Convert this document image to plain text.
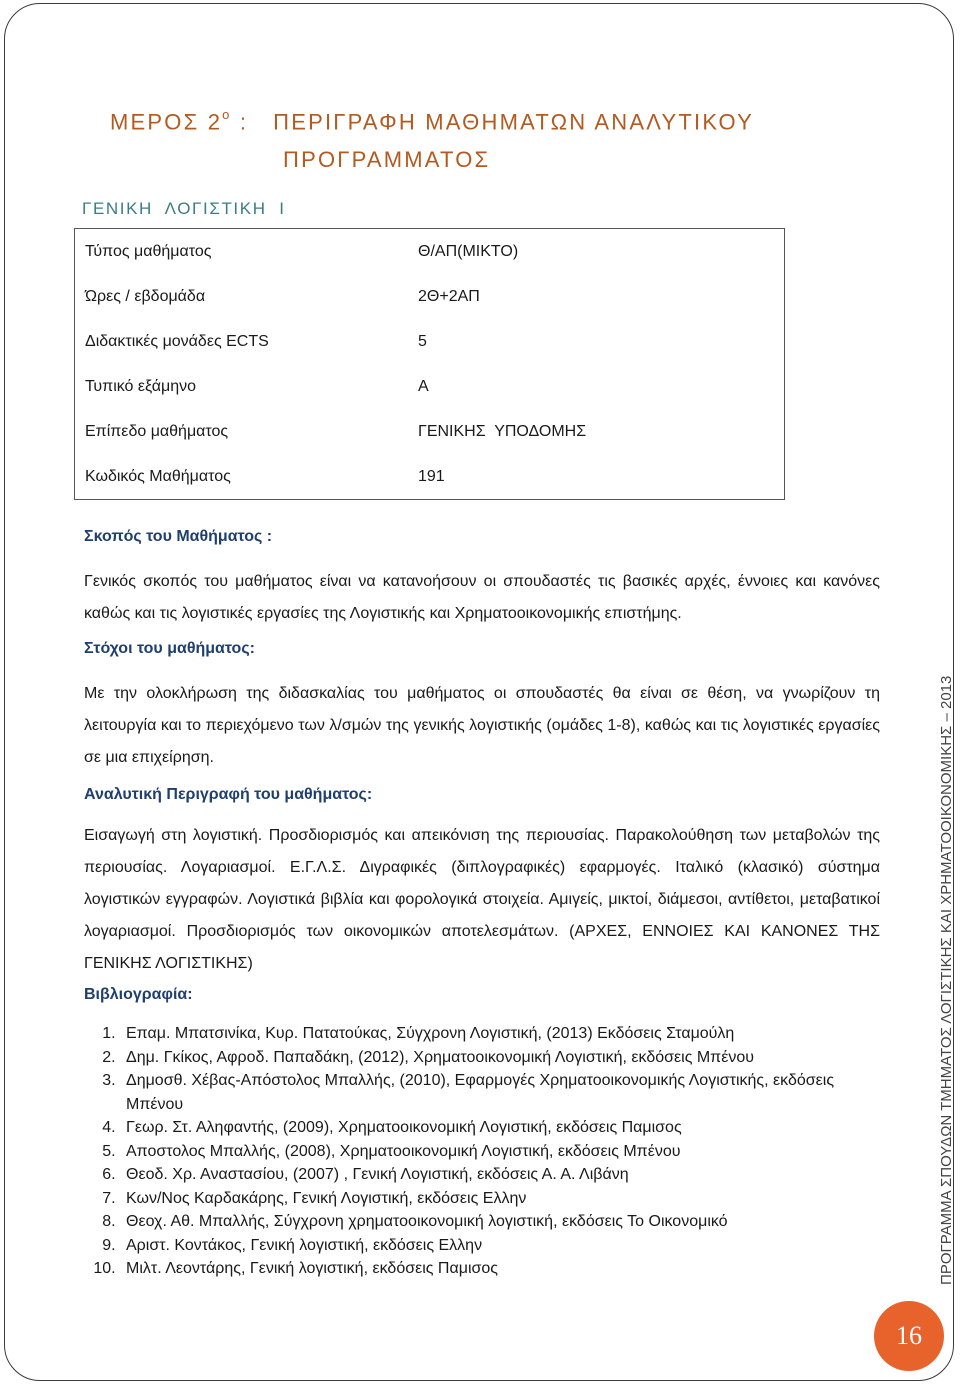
ΜΕΡΟΣ $2^o$ :   ΠΕΡΙΓΡΑΦΗ ΜΑΘΗΜΑΤΩΝ ΑΝΑΛΥΤΙΚΟΥ
ΠΡΟΓΡΑΜΜΑΤΟΣ
ΓΕΝΙΚΗ  ΛΟΓΙΣΤΙΚΗ  Ι
Τύπος μαθήματος	Θ/ΑΠ(ΜΙΚΤΟ)
Ώρες / εβδομάδα	2Θ+2ΑΠ
Διδακτικές μονάδες ECTS	5
Τυπικό εξάμηνο	Α
Επίπεδο μαθήματος	ΓΕΝΙΚΗΣ  ΥΠΟΔΟΜΗΣ
Κωδικός Μαθήματος	191

Σκοπός του Μαθήματος :

Γενικός σκοπός του μαθήματος είναι να κατανοήσουν οι σπουδαστές τις βασικές αρχές, έννοιες και κανόνες καθώς και τις λογιστικές εργασίες της Λογιστικής και Χρηματοοικονομικής επιστήμης.

Στόχοι του μαθήματος:

Με την ολοκλήρωση της διδασκαλίας του μαθήματος οι σπουδαστές θα είναι σε θέση, να γνωρίζουν τη λειτουργία και το περιεχόμενο των λ/σμών της γενικής λογιστικής (ομάδες 1-8), καθώς και τις λογιστικές εργασίες σε μια επιχείρηση.

Αναλυτική Περιγραφή του μαθήματος:

Εισαγωγή στη λογιστική. Προσδιορισμός και απεικόνιση της περιουσίας. Παρακολούθηση των μεταβολών της περιουσίας. Λογαριασμοί. Ε.Γ.Λ.Σ. Διγραφικές (διπλογραφικές) εφαρμογές. Ιταλικό (κλασικό) σύστημα λογιστικών εγγραφών. Λογιστικά βιβλία και φορολογικά στοιχεία. Αμιγείς, μικτοί, διάμεσοι, αντίθετοι, μεταβατικοί λογαριασμοί. Προσδιορισμός των οικονομικών αποτελεσμάτων. (ΑΡΧΕΣ, ΕΝΝΟΙΕΣ ΚΑΙ ΚΑΝΟΝΕΣ ΤΗΣ ΓΕΝΙΚΗΣ ΛΟΓΙΣΤΙΚΗΣ)

Βιβλιογραφία:

1. Επαμ. Μπατσινίκα, Κυρ. Πατατούκας, Σύγχρονη Λογιστική, (2013) Εκδόσεις Σταμούλη
2. Δημ. Γκίκος, Αφροδ. Παπαδάκη, (2012), Χρηματοοικονομική Λογιστική, εκδόσεις Μπένου
3. Δημοσθ. Χέβας-Απόστολος Μπαλλής, (2010), Εφαρμογές Χρηματοοικονομικής Λογιστικής, εκδόσεις Μπένου
4. Γεωρ. Στ. Αληφαντής, (2009), Χρηματοοικονομική Λογιστική, εκδόσεις Παμισος
5. Αποστολος Μπαλλής, (2008), Χρηματοοικονομική Λογιστική, εκδόσεις Μπένου
6. Θεοδ. Χρ. Αναστασίου, (2007) , Γενική Λογιστική, εκδόσεις Α. Α. Λιβάνη
7. Κων/Νος Καρδακάρης, Γενική Λογιστική, εκδόσεις Ελλην
8. Θεοχ. Αθ. Μπαλλής, Σύγχρονη χρηματοοικονομική λογιστική, εκδόσεις Το Οικονομικό
9. Αριστ. Κοντάκος, Γενική λογιστική, εκδόσεις Ελλην
10. Μιλτ. Λεοντάρης, Γενική λογιστική, εκδόσεις Παμισος	ΠΡΟΓΡΑΜΜΑ ΣΠΟΥΔΩΝ ΤΜΗΜΑΤΟΣ ΛΟΓΙΣΤΙΚΗΣ ΚΑΙ ΧΡΗΜΑΤΟΟΙΚΟΝΟΜΙΚΗΣ – 2013
16
